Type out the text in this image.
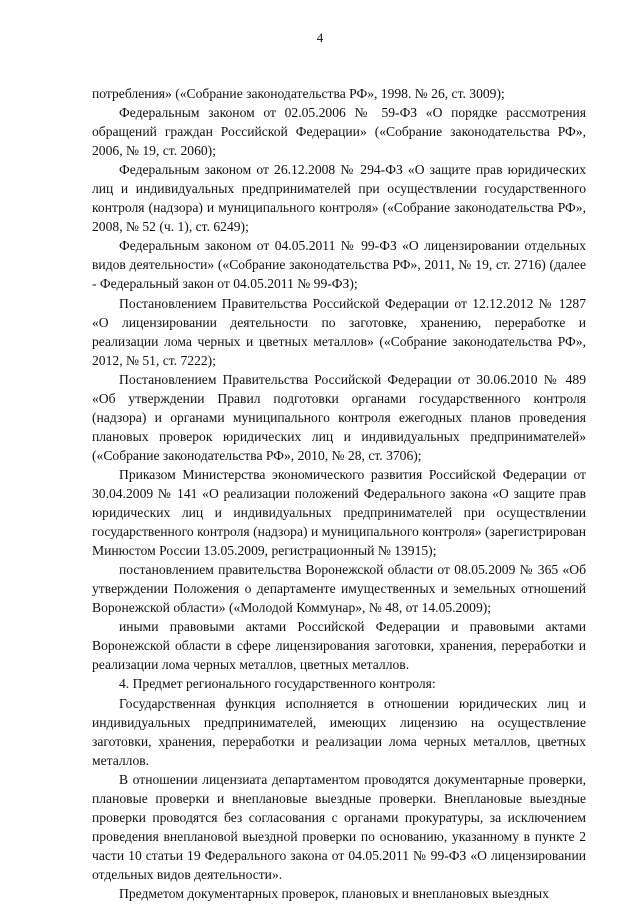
4

потребления» («Собрание законодательства РФ», 1998. № 26, ст. 3009);

Федеральным законом от 02.05.2006 № 59-ФЗ «О порядке рассмотрения обращений граждан Российской Федерации» («Собрание законодательства РФ», 2006, № 19, ст. 2060);

Федеральным законом от 26.12.2008 № 294-ФЗ «О защите прав юридических лиц и индивидуальных предпринимателей при осуществлении государственного контроля (надзора) и муниципального контроля» («Собрание законодательства РФ», 2008, № 52 (ч. 1), ст. 6249);

Федеральным законом от 04.05.2011 № 99-ФЗ «О лицензировании отдельных видов деятельности» («Собрание законодательства РФ», 2011, № 19, ст. 2716) (далее - Федеральный закон от 04.05.2011 № 99-ФЗ);

Постановлением Правительства Российской Федерации от 12.12.2012 № 1287 «О лицензировании деятельности по заготовке, хранению, переработке и реализации лома черных и цветных металлов» («Собрание законодательства РФ», 2012, № 51, ст. 7222);

Постановлением Правительства Российской Федерации от 30.06.2010 № 489 «Об утверждении Правил подготовки органами государственного контроля (надзора) и органами муниципального контроля ежегодных планов проведения плановых проверок юридических лиц и индивидуальных предпринимателей» («Собрание законодательства РФ», 2010, № 28, ст. 3706);

Приказом Министерства экономического развития Российской Федерации от 30.04.2009 № 141 «О реализации положений Федерального закона «О защите прав юридических лиц и индивидуальных предпринимателей при осуществлении государственного контроля (надзора) и муниципального контроля» (зарегистрирован Минюстом России 13.05.2009, регистрационный № 13915);

постановлением правительства Воронежской области от 08.05.2009 № 365 «Об утверждении Положения о департаменте имущественных и земельных отношений Воронежской области» («Молодой Коммунар», № 48, от 14.05.2009);

иными правовыми актами Российской Федерации и правовыми актами Воронежской области в сфере лицензирования заготовки, хранения, переработки и реализации лома черных металлов, цветных металлов.

4. Предмет регионального государственного контроля:

Государственная функция исполняется в отношении юридических лиц и индивидуальных предпринимателей, имеющих лицензию на осуществление заготовки, хранения, переработки и реализации лома черных металлов, цветных металлов.

В отношении лицензиата департаментом проводятся документарные проверки, плановые проверки и внеплановые выездные проверки. Внеплановые выездные проверки проводятся без согласования с органами прокуратуры, за исключением проведения внеплановой выездной проверки по основанию, указанному в пункте 2 части 10 статьи 19 Федерального закона от 04.05.2011 № 99-ФЗ «О лицензировании отдельных видов деятельности».

Предметом документарных проверок, плановых и внеплановых выездных
